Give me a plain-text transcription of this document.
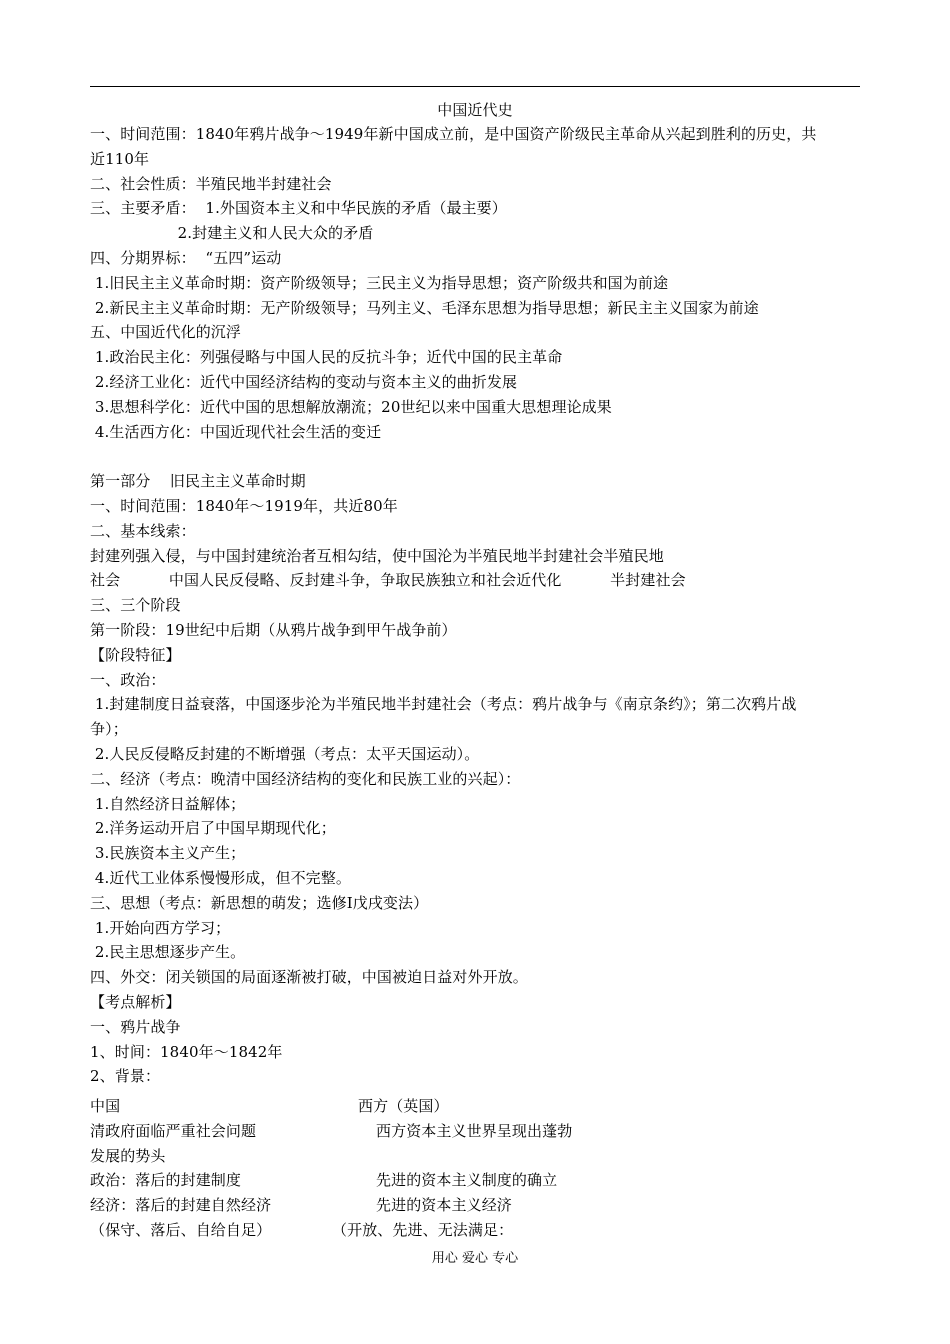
中国近代史
一、时间范围：1840年鸦片战争～1949年新中国成立前，是中国资产阶级民主革命从兴起到胜利的历史，共
近110年
二、社会性质：半殖民地半封建社会
三、主要矛盾：  1.外国资本主义和中华民族的矛盾（最主要）
2.封建主义和人民大众的矛盾
四、分期界标：  “五四”运动
1.旧民主主义革命时期：资产阶级领导；三民主义为指导思想；资产阶级共和国为前途
2.新民主主义革命时期：无产阶级领导；马列主义、毛泽东思想为指导思想；新民主主义国家为前途
五、中国近代化的沉浮
1.政治民主化：列强侵略与中国人民的反抗斗争；近代中国的民主革命
2.经济工业化：近代中国经济结构的变动与资本主义的曲折发展
3.思想科学化：近代中国的思想解放潮流；20世纪以来中国重大思想理论成果
4.生活西方化：中国近现代社会生活的变迁
第一部分    旧民主主义革命时期
一、时间范围：1840年～1919年，共近80年
二、基本线索：
封建列强入侵，与中国封建统治者互相勾结，使中国沦为半殖民地半封建社会半殖民地
社会          中国人民反侵略、反封建斗争，争取民族独立和社会近代化          半封建社会
三、三个阶段
第一阶段：19世纪中后期（从鸦片战争到甲午战争前）
【阶段特征】
一、政治：
1.封建制度日益衰落，中国逐步沦为半殖民地半封建社会（考点：鸦片战争与《南京条约》；第二次鸦片战
争）；
2.人民反侵略反封建的不断增强（考点：太平天国运动）。
二、经济（考点：晚清中国经济结构的变化和民族工业的兴起）：
1.自然经济日益解体；
2.洋务运动开启了中国早期现代化；
3.民族资本主义产生；
4.近代工业体系慢慢形成，但不完整。
三、思想（考点：新思想的萌发；选修I戊戌变法）
1.开始向西方学习；
2.民主思想逐步产生。
四、外交：闭关锁国的局面逐渐被打破，中国被迫日益对外开放。
【考点解析】
一、鸦片战争
1、时间：1840年～1842年
2、背景：
中国	西方（英国）
清政府面临严重社会问题	西方资本主义世界呈现出蓬勃
发展的势头
政治：落后的封建制度	先进的资本主义制度的确立
经济：落后的封建自然经济	先进的资本主义经济
（保守、落后、自给自足）	（开放、先进、无法满足：
用心 爱心 专心
